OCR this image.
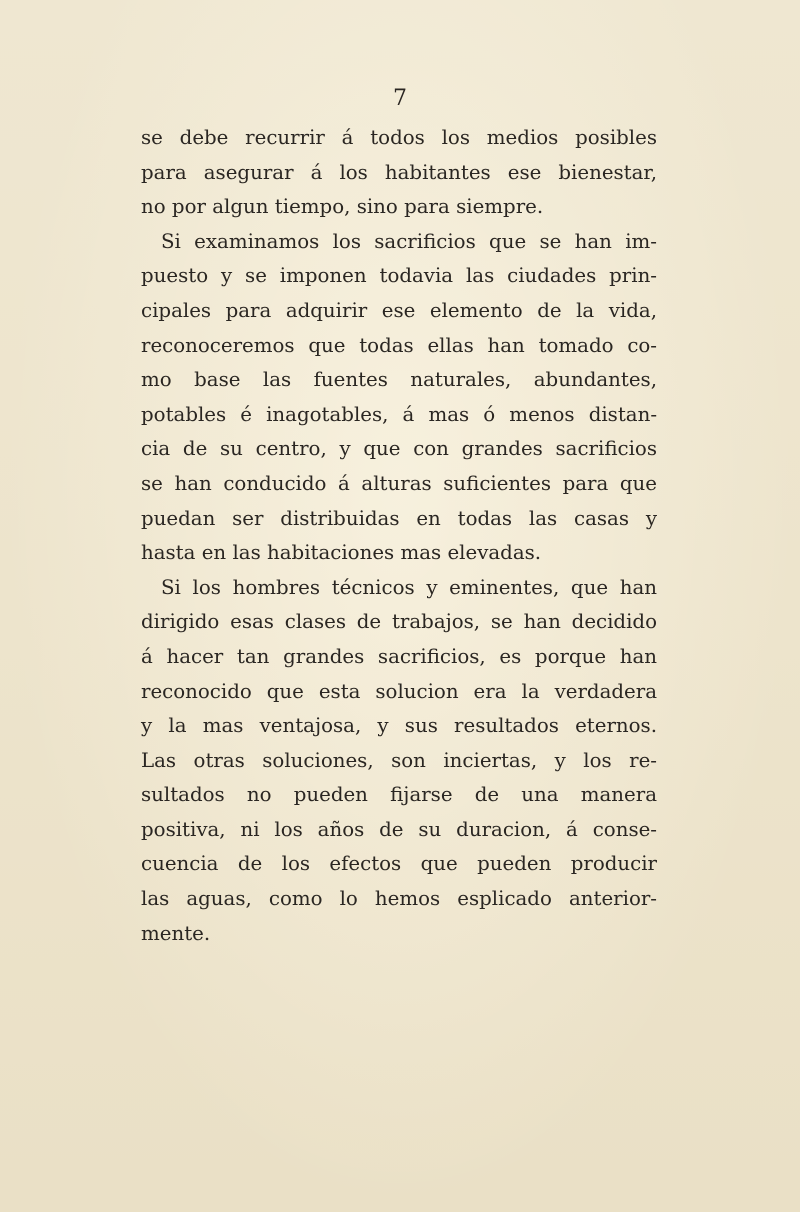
7
se debe recurrir á todos los medios posibles
para asegurar á los habitantes ese bienestar,
no por algun tiempo, sino para siempre.
Si examinamos los sacrificios que se han im-
puesto y se imponen todavia las ciudades prin-
cipales para adquirir ese elemento de la vida,
reconoceremos que todas ellas han tomado co-
mo base las fuentes naturales, abundantes,
potables é inagotables, á mas ó menos distan-
cia de su centro, y que con grandes sacrificios
se han conducido á alturas suficientes para que
puedan ser distribuidas en todas las casas y
hasta en las habitaciones mas elevadas.
Si los hombres técnicos y eminentes, que han
dirigido esas clases de trabajos, se han decidido
á hacer tan grandes sacrificios, es porque han
reconocido que esta solucion era la verdadera
y la mas ventajosa, y sus resultados eternos.
Las otras soluciones, son inciertas, y los re-
sultados no pueden fijarse de una manera
positiva, ni los años de su duracion, á conse-
cuencia de los efectos que pueden producir
las aguas, como lo hemos esplicado anterior-
mente.
